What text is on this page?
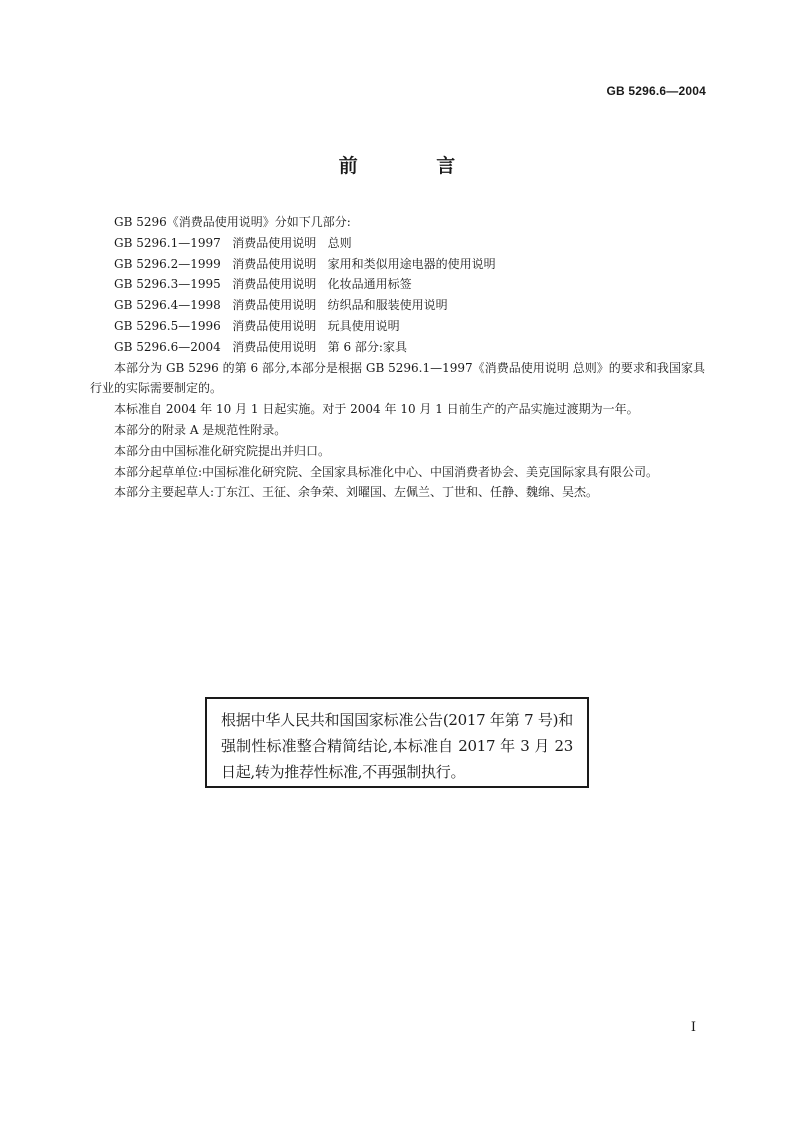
GB 5296.6—2004
前 言

GB 5296《消费品使用说明》分如下几部分:

GB 5296.1—1997   消费品使用说明   总则

GB 5296.2—1999   消费品使用说明   家用和类似用途电器的使用说明

GB 5296.3—1995   消费品使用说明   化妆品通用标签

GB 5296.4—1998   消费品使用说明   纺织品和服装使用说明

GB 5296.5—1996   消费品使用说明   玩具使用说明

GB 5296.6—2004   消费品使用说明   第 6 部分:家具

本部分为 GB 5296 的第 6 部分,本部分是根据 GB 5296.1—1997《消费品使用说明 总则》的要求和我国家具行业的实际需要制定的。

本标准自 2004 年 10 月 1 日起实施。对于 2004 年 10 月 1 日前生产的产品实施过渡期为一年。

本部分的附录 A 是规范性附录。

本部分由中国标准化研究院提出并归口。

本部分起草单位:中国标准化研究院、全国家具标准化中心、中国消费者协会、美克国际家具有限公司。

本部分主要起草人:丁东江、王征、余争荣、刘曜国、左佩兰、丁世和、任静、魏绵、吴杰。

根据中华人民共和国国家标准公告(2017 年第 7 号)和强制性标准整合精简结论,本标准自 2017 年 3 月 23 日起,转为推荐性标准,不再强制执行。
I
